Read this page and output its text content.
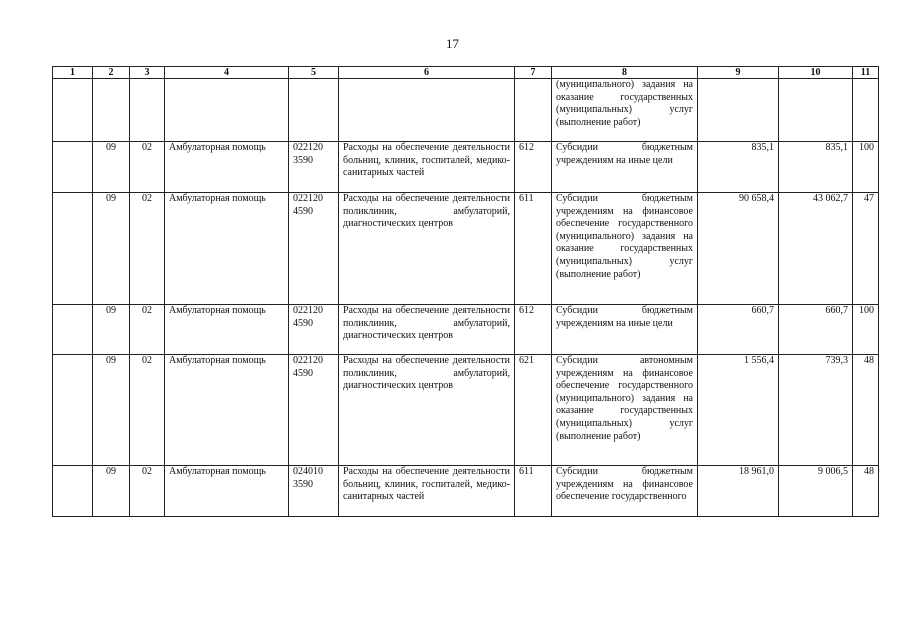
17
1	2	3	4	5	6	7	8	9	10	11
							(муниципального) задания на оказание государственных (муниципальных) услуг (выполнение работ)			
	09	02	Амбулаторная помощь	022120 3590	Расходы на обеспечение деятельности больниц, клиник, госпиталей, медико-санитарных частей	612	Субсидии бюджетным учреждениям на иные цели	835,1	835,1	100
	09	02	Амбулаторная помощь	022120 4590	Расходы на обеспечение деятельности поликлиник, амбулаторий, диагностических центров	611	Субсидии бюджетным учреждениям на финансовое обеспечение государственного (муниципального) задания на оказание государственных (муниципальных) услуг (выполнение работ)	90 658,4	43 062,7	47
	09	02	Амбулаторная помощь	022120 4590	Расходы на обеспечение деятельности поликлиник, амбулаторий, диагностических центров	612	Субсидии бюджетным учреждениям на иные цели	660,7	660,7	100
	09	02	Амбулаторная помощь	022120 4590	Расходы на обеспечение деятельности поликлиник, амбулаторий, диагностических центров	621	Субсидии автономным учреждениям на финансовое обеспечение государственного (муниципального) задания на оказание государственных (муниципальных) услуг (выполнение работ)	1 556,4	739,3	48
	09	02	Амбулаторная помощь	024010 3590	Расходы на обеспечение деятельности больниц, клиник, госпиталей, медико-санитарных частей	611	Субсидии бюджетным учреждениям на финансовое обеспечение государственного	18 961,0	9 006,5	48
